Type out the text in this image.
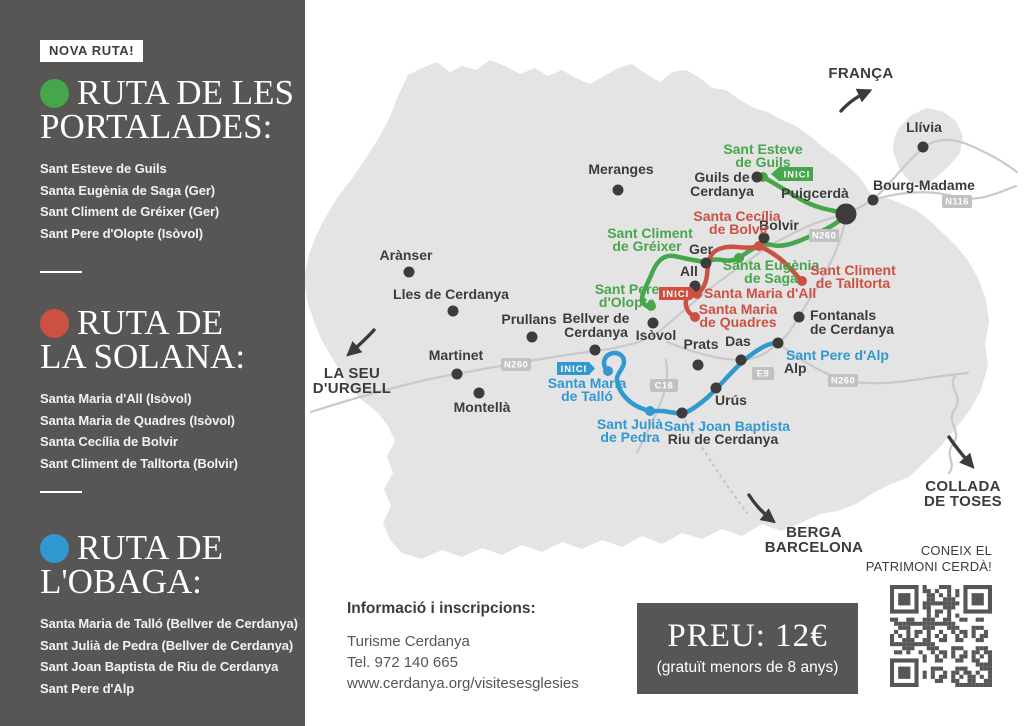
INICI
INICI
INICI
N116
N260
N260
N260
C16
E9
Meranges
Llívia
Bourg-Madame
Puigcerdà
Guils de
Cerdanya
Bolvir
Ger
All
Arànser
Lles de Cerdanya
Prullans Bellver de
Cerdanya Isòvol
Prats Das
Fontanals
de Cerdanya
Martinet
Montellà	Urús
Alp
Riu de Cerdanya
Sant Esteve
de Guils
Sant Climent
de Gréixer
Santa Eugènia
de Saga
Sant Pere
d'Olopte
Santa Cecília
de Bolvir
Santa Maria d'All
Santa Maria
de Quadres
Sant Climent
de Talltorta
Santa Maria
de Talló
Sant Julià
de Pedra
Sant Joan Baptista
Sant Pere d'Alp
FRANÇA
LA SEU
D'URGELL
COLLADA
DE TOSES
BERGA
BARCELONA
NOVA RUTA!
RUTA DE LES
PORTALADES:
Sant Esteve de Guils
Santa Eugènia de Saga (Ger)
Sant Climent de Gréixer (Ger)
Sant Pere d'Olopte (Isòvol)
RUTA DE
LA SOLANA:
Santa Maria d'All (Isòvol)
Santa Maria de Quadres (Isòvol)
Santa Cecília de Bolvir
Sant Climent de Talltorta (Bolvir)
RUTA DE
L'OBAGA:
Santa Maria de Talló (Bellver de Cerdanya)
Sant Julià de Pedra (Bellver de Cerdanya)
Sant Joan Baptista de Riu de Cerdanya
Sant Pere d'Alp
Informació i inscripcions:
Turisme Cerdanya
Tel. 972 140 665
www.cerdanya.org/visitesesglesies
PREU: 12€
(gratuït menors de 8 anys)
CONEIX EL
PATRIMONI CERDÀ!
